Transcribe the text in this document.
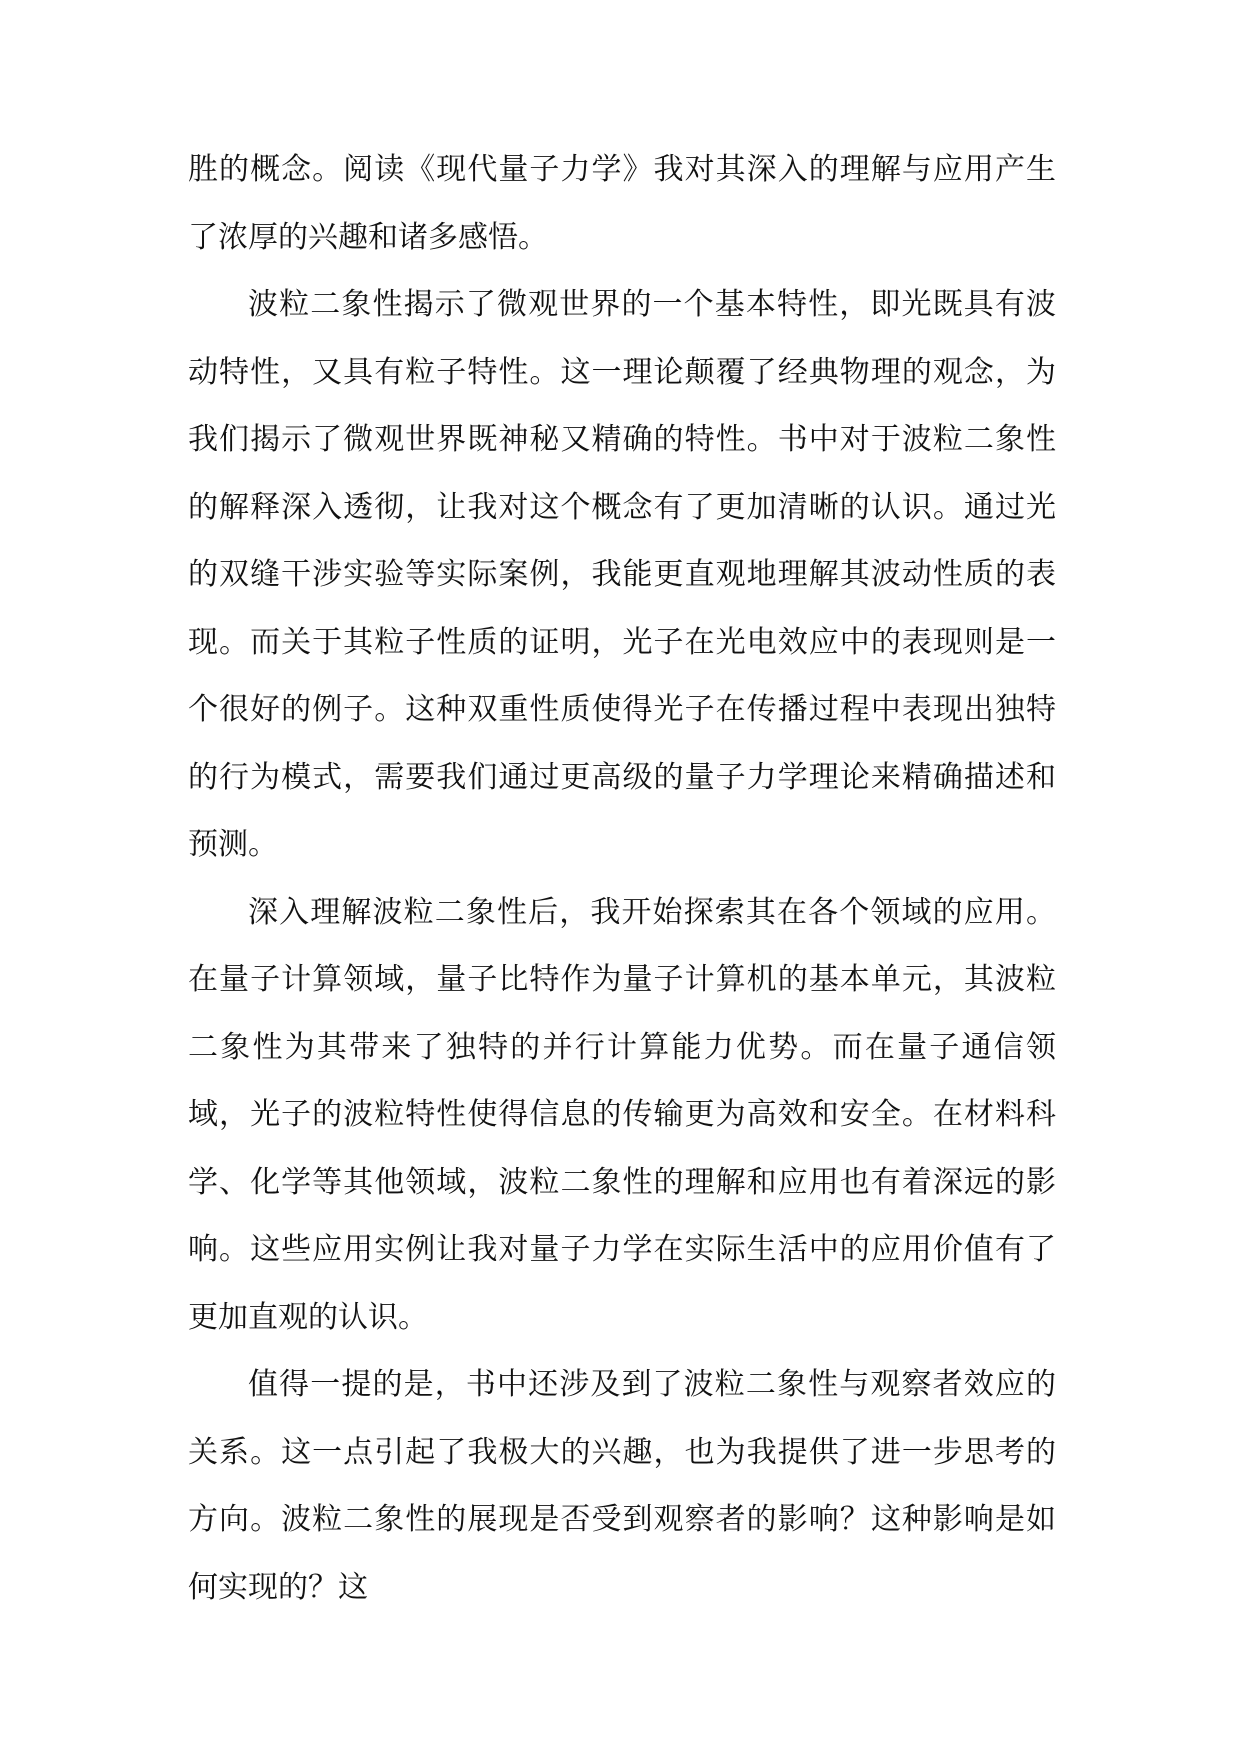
胜的概念。阅读《现代量子力学》我对其深入的理解与应用产生了浓厚的兴趣和诸多感悟。

波粒二象性揭示了微观世界的一个基本特性，即光既具有波动特性，又具有粒子特性。这一理论颠覆了经典物理的观念，为我们揭示了微观世界既神秘又精确的特性。书中对于波粒二象性的解释深入透彻，让我对这个概念有了更加清晰的认识。通过光的双缝干涉实验等实际案例，我能更直观地理解其波动性质的表现。而关于其粒子性质的证明，光子在光电效应中的表现则是一个很好的例子。这种双重性质使得光子在传播过程中表现出独特的行为模式，需要我们通过更高级的量子力学理论来精确描述和预测。

深入理解波粒二象性后，我开始探索其在各个领域的应用。在量子计算领域，量子比特作为量子计算机的基本单元，其波粒二象性为其带来了独特的并行计算能力优势。而在量子通信领域，光子的波粒特性使得信息的传输更为高效和安全。在材料科学、化学等其他领域，波粒二象性的理解和应用也有着深远的影响。这些应用实例让我对量子力学在实际生活中的应用价值有了更加直观的认识。

值得一提的是，书中还涉及到了波粒二象性与观察者效应的关系。这一点引起了我极大的兴趣，也为我提供了进一步思考的方向。波粒二象性的展现是否受到观察者的影响？这种影响是如何实现的？这
